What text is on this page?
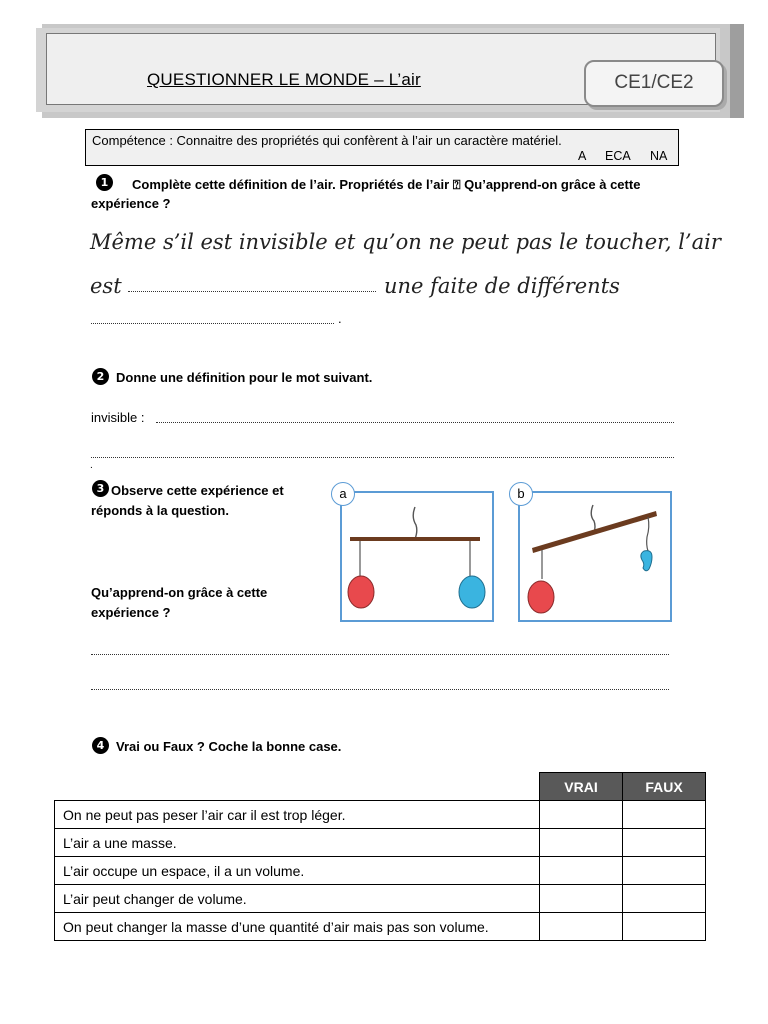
QUESTIONNER LE MONDE – L’air	CE1/CE2
Compétence : Connaitre des propriétés qui confèrent à l’air un caractère matériel.
A ECA NA
1	Complète cette définition de l’air. Propriétés de l’air ⍰ Qu’apprend-on grâce à cette
expérience ?
Même s’il est invisible et qu’on ne peut pas le toucher, l’air
est	une faite de différents
.
2 Donne une définition pour le mot suivant.
invisible :
.
3 Observe cette expérience et
réponds à la question.
Qu’apprend-on grâce à cette
expérience ?
a	b
4 Vrai ou Faux ? Coche la bonne case.
	VRAI	FAUX
On ne peut pas peser l’air car il est trop léger.		
L’air a une masse.		
L’air occupe un espace, il a un volume.		
L’air peut changer de volume.		
On peut changer la masse d’une quantité d’air mais pas son volume.		
